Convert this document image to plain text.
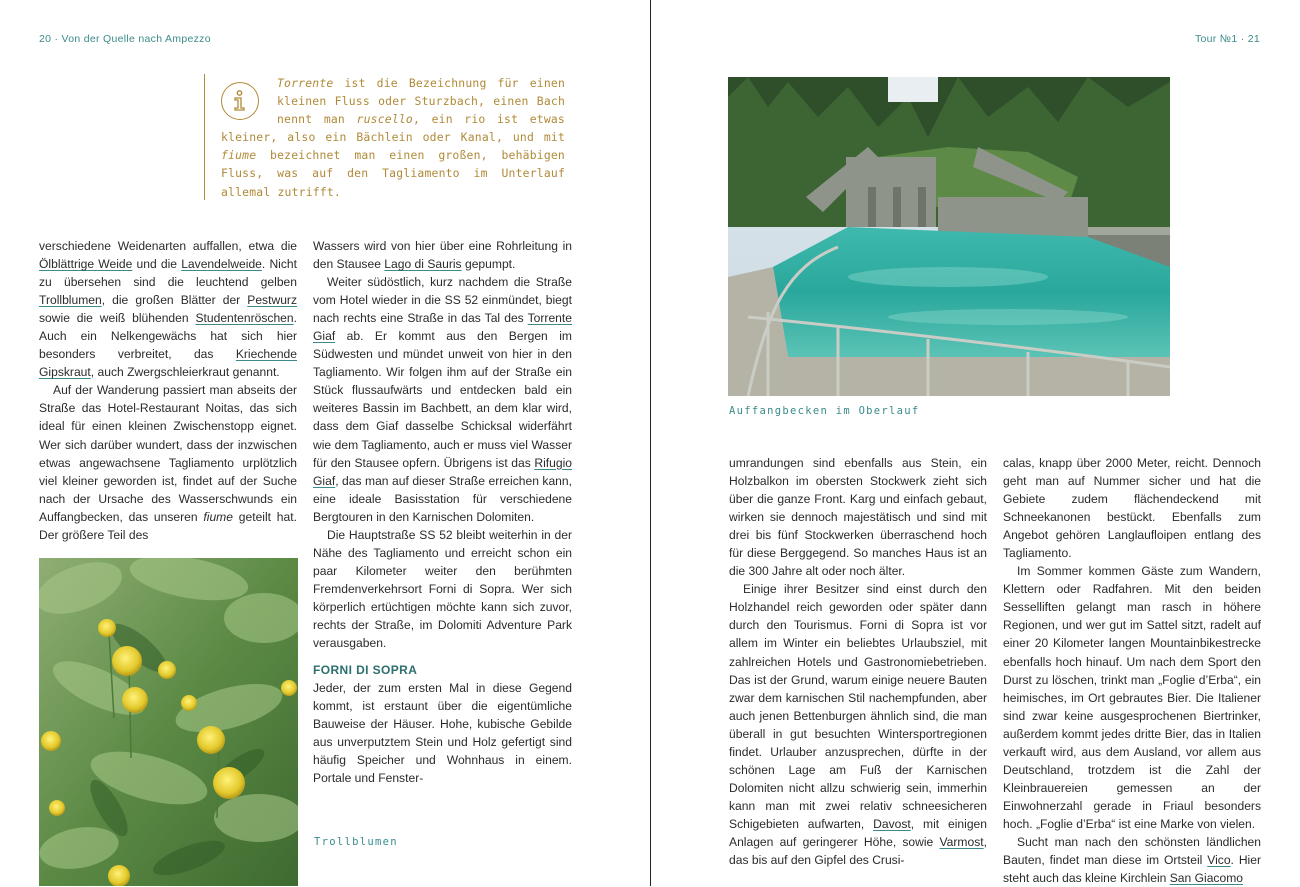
20 · Von der Quelle nach Ampezzo	Tour №1 · 21

Torrente ist die Bezeichnung für einen kleinen Fluss oder Sturzbach, einen Bach nennt man ruscello, ein rio ist etwas kleiner, also ein Bächlein oder Kanal, und mit fiume bezeichnet man einen großen, behäbigen Fluss, was auf den Tagliamento im Unterlauf allemal zutrifft.

verschiedene Weidenarten auffallen, etwa die Ölblättrige Weide und die Lavendelweide. Nicht zu übersehen sind die leuchtend gelben Trollblumen, die großen Blätter der Pestwurz sowie die weiß blühenden Studentenröschen. Auch ein Nelkengewächs hat sich hier besonders verbreitet, das Kriechende Gipskraut, auch Zwergschleierkraut genannt.

Auf der Wanderung passiert man abseits der Straße das Hotel-Restaurant Noitas, das sich ideal für einen kleinen Zwischenstopp eignet. Wer sich darüber wundert, dass der inzwischen etwas angewachsene Tagliamento urplötzlich viel kleiner geworden ist, findet auf der Suche nach der Ursache des Wasserschwunds ein Auffangbecken, das unseren fiume geteilt hat. Der größere Teil des

Wassers wird von hier über eine Rohrleitung in den Stausee Lago di Sauris gepumpt.

Weiter südöstlich, kurz nachdem die Straße vom Hotel wieder in die SS 52 einmündet, biegt nach rechts eine Straße in das Tal des Torrente Giaf ab. Er kommt aus den Bergen im Südwesten und mündet unweit von hier in den Tagliamento. Wir folgen ihm auf der Straße ein Stück flussaufwärts und entdecken bald ein weiteres Bassin im Bachbett, an dem klar wird, dass dem Giaf dasselbe Schicksal widerfährt wie dem Tagliamento, auch er muss viel Wasser für den Stausee opfern. Übrigens ist das Rifugio Giaf, das man auf dieser Straße erreichen kann, eine ideale Basisstation für verschiedene Bergtouren in den Karnischen Dolomiten.

Die Hauptstraße SS 52 bleibt weiterhin in der Nähe des Tagliamento und erreicht schon ein paar Kilometer weiter den berühmten Fremdenverkehrsort Forni di Sopra. Wer sich körperlich ertüchtigen möchte kann sich zuvor, rechts der Straße, im Dolomiti Adventure Park verausgaben.

FORNI DI SOPRA

Jeder, der zum ersten Mal in diese Gegend kommt, ist erstaunt über die eigentümliche Bauweise der Häuser. Hohe, kubische Gebilde aus unverputztem Stein und Holz gefertigt sind häufig Speicher und Wohnhaus in einem. Portale und Fenster-

Trollblumen
Auffangbecken im Oberlauf

umrandungen sind ebenfalls aus Stein, ein Holzbalkon im obersten Stockwerk zieht sich über die ganze Front. Karg und einfach gebaut, wirken sie dennoch majestätisch und sind mit drei bis fünf Stockwerken überraschend hoch für diese Berggegend. So manches Haus ist an die 300 Jahre alt oder noch älter.

Einige ihrer Besitzer sind einst durch den Holzhandel reich geworden oder später dann durch den Tourismus. Forni di Sopra ist vor allem im Winter ein beliebtes Urlaubsziel, mit zahlreichen Hotels und Gastronomiebetrieben. Das ist der Grund, warum einige neuere Bauten zwar dem karnischen Stil nachempfunden, aber auch jenen Bettenburgen ähnlich sind, die man überall in gut besuchten Wintersportregionen findet. Urlauber anzusprechen, dürfte in der schönen Lage am Fuß der Karnischen Dolomiten nicht allzu schwierig sein, immerhin kann man mit zwei relativ schneesicheren Schigebieten aufwarten, Davost, mit einigen Anlagen auf geringerer Höhe, sowie Varmost, das bis auf den Gipfel des Crusi-

calas, knapp über 2000 Meter, reicht. Dennoch geht man auf Nummer sicher und hat die Gebiete zudem flächendeckend mit Schneekanonen bestückt. Ebenfalls zum Angebot gehören Langlaufloipen entlang des Tagliamento.

Im Sommer kommen Gäste zum Wandern, Klettern oder Radfahren. Mit den beiden Sesselliften gelangt man rasch in höhere Regionen, und wer gut im Sattel sitzt, radelt auf einer 20 Kilometer langen Mountainbikestrecke ebenfalls hoch hinauf. Um nach dem Sport den Durst zu löschen, trinkt man „Foglie d’Erba“, ein heimisches, im Ort gebrautes Bier. Die Italiener sind zwar keine ausgesprochenen Biertrinker, außerdem kommt jedes dritte Bier, das in Italien verkauft wird, aus dem Ausland, vor allem aus Deutschland, trotzdem ist die Zahl der Kleinbrauereien gemessen an der Einwohnerzahl gerade in Friaul besonders hoch. „Foglie d’Erba“ ist eine Marke von vielen.

Sucht man nach den schönsten ländlichen Bauten, findet man diese im Ortsteil Vico. Hier steht auch das kleine Kirchlein San Giacomo
